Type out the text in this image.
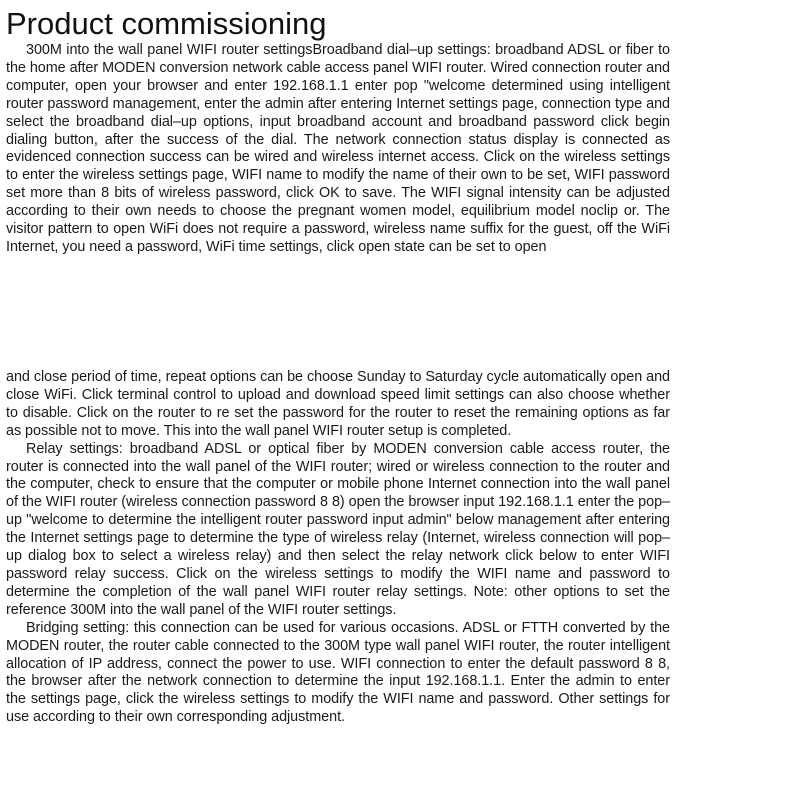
Product commissioning

300M into the wall panel WIFI router settingsBroadband dial–up settings: broadband ADSL or fiber to the home after MODEN conversion network cable access panel WIFI router. Wired connection router and computer, open your browser and enter 192.168.1.1 enter pop "welcome determined using intelligent router password management, enter the admin after entering Internet settings page, connection type and select the broadband dial–up options, input broadband account and broadband password click begin dialing button, after the success of the dial. The network connection status display is connected as evidenced connection success can be wired and wireless internet access. Click on the wireless settings to enter the wireless settings page, WIFI name to modify the name of their own to be set, WIFI password set more than 8 bits of wireless password, click OK to save. The WIFI signal intensity can be adjusted according to their own needs to choose the pregnant women model, equilibrium model noclip or. The visitor pattern to open WiFi does not require a password, wireless name suffix for the guest, off the WiFi Internet, you need a password, WiFi time settings, click open state can be set to open

and close period of time, repeat options can be choose Sunday to Saturday cycle automatically open and close WiFi. Click terminal control to upload and download speed limit settings can also choose whether to disable. Click on the router to re set the password for the router to reset the remaining options as far as possible not to move. This into the wall panel WIFI router setup is completed.

Relay settings: broadband ADSL or optical fiber by MODEN conversion cable access router, the router is connected into the wall panel of the WIFI router; wired or wireless connection to the router and the computer, check to ensure that the computer or mobile phone Internet connection into the wall panel of the WIFI router (wireless connection password 8 8) open the browser input 192.168.1.1 enter the pop–up "welcome to determine the intelligent router password input admin" below management after entering the Internet settings page to determine the type of wireless relay (Internet, wireless connection will pop–up dialog box to select a wireless relay) and then select the relay network click below to enter WIFI password relay success. Click on the wireless settings to modify the WIFI name and password to determine the completion of the wall panel WIFI router relay settings. Note: other options to set the reference 300M into the wall panel of the WIFI router settings.

Bridging setting: this connection can be used for various occasions. ADSL or FTTH converted by the MODEN router, the router cable connected to the 300M type wall panel WIFI router, the router intelligent allocation of IP address, connect the power to use. WIFI connection to enter the default password 8 8, the browser after the network connection to determine the input 192.168.1.1. Enter the admin to enter the settings page, click the wireless settings to modify the WIFI name and password. Other settings for use according to their own corresponding adjustment.
